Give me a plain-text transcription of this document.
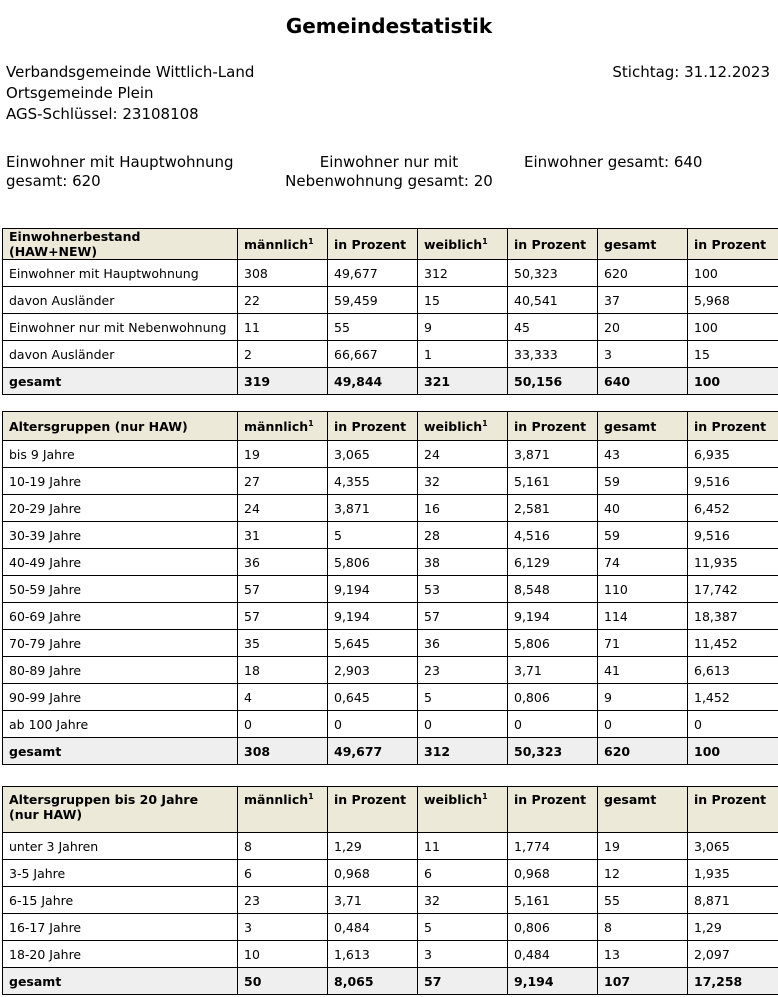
Gemeindestatistik
Verbandsgemeinde Wittlich-Land
Ortsgemeinde Plein
AGS-Schlüssel: 23108108
Stichtag: 31.12.2023
Einwohner mit Hauptwohnung
gesamt: 620
Einwohner nur mit
Nebenwohnung gesamt: 20
Einwohner gesamt: 640
Einwohnerbestand (HAW+NEW)	männlich$^1$	in Prozent	weiblich$^1$	in Prozent	gesamt	in Prozent
Einwohner mit Hauptwohnung	308	49,677	312	50,323	620	100
davon Ausländer	22	59,459	15	40,541	37	5,968
Einwohner nur mit Nebenwohnung	11	55	9	45	20	100
davon Ausländer	2	66,667	1	33,333	3	15
gesamt	319	49,844	321	50,156	640	100
Altersgruppen (nur HAW)	männlich$^1$	in Prozent	weiblich$^1$	in Prozent	gesamt	in Prozent
bis 9 Jahre	19	3,065	24	3,871	43	6,935
10-19 Jahre	27	4,355	32	5,161	59	9,516
20-29 Jahre	24	3,871	16	2,581	40	6,452
30-39 Jahre	31	5	28	4,516	59	9,516
40-49 Jahre	36	5,806	38	6,129	74	11,935
50-59 Jahre	57	9,194	53	8,548	110	17,742
60-69 Jahre	57	9,194	57	9,194	114	18,387
70-79 Jahre	35	5,645	36	5,806	71	11,452
80-89 Jahre	18	2,903	23	3,71	41	6,613
90-99 Jahre	4	0,645	5	0,806	9	1,452
ab 100 Jahre	0	0	0	0	0	0
gesamt	308	49,677	312	50,323	620	100
Altersgruppen bis 20 Jahre (nur HAW)	männlich$^1$	in Prozent	weiblich$^1$	in Prozent	gesamt	in Prozent
unter 3 Jahren	8	1,29	11	1,774	19	3,065
3-5 Jahre	6	0,968	6	0,968	12	1,935
6-15 Jahre	23	3,71	32	5,161	55	8,871
16-17 Jahre	3	0,484	5	0,806	8	1,29
18-20 Jahre	10	1,613	3	0,484	13	2,097
gesamt	50	8,065	57	9,194	107	17,258
